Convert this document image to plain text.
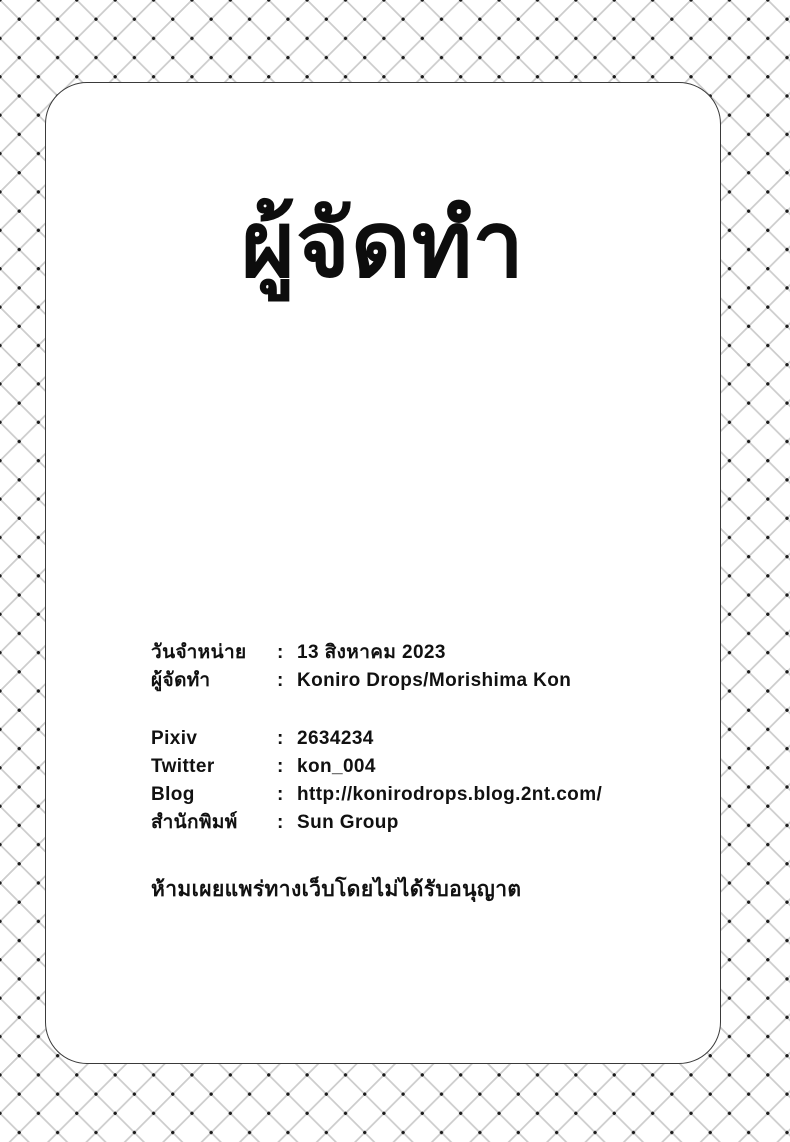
ผู้จัดทำ
วันจำหน่าย	: 13 สิงหาคม 2023
ผู้จัดทำ	: Koniro Drops/Morishima Kon
Pixiv	: 2634234
Twitter	: kon_004
Blog	: http://konirodrops.blog.2nt.com/
สำนักพิมพ์	: Sun Group
ห้ามเผยแพร่ทางเว็บโดยไม่ได้รับอนุญาต
